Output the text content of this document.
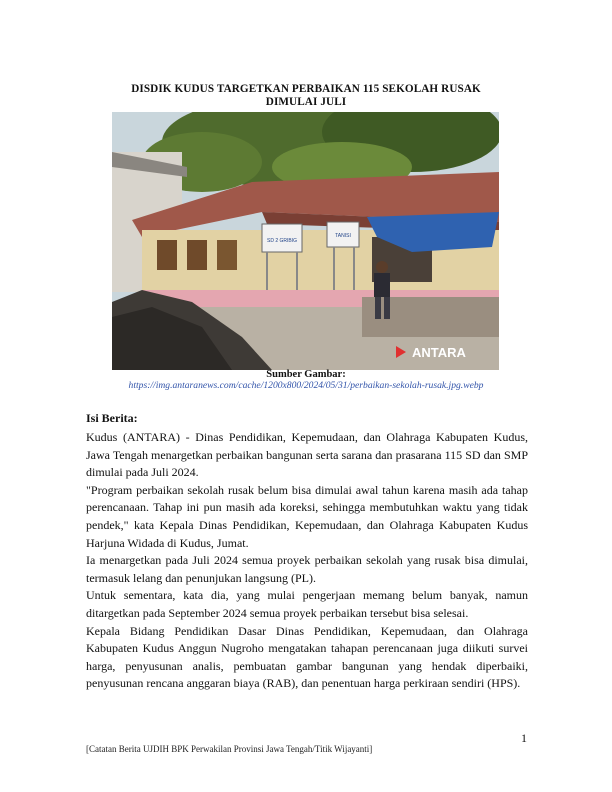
DISDIK KUDUS TARGETKAN PERBAIKAN 115 SEKOLAH RUSAK
DIMULAI JULI
SD 2 GRIBIG
TANISI
ANTARA
Sumber Gambar:
https://img.antaranews.com/cache/1200x800/2024/05/31/perbaikan-sekolah-rusak.jpg.webp
Isi Berita:

Kudus (ANTARA) - Dinas Pendidikan, Kepemudaan, dan Olahraga Kabupaten Kudus, Jawa Tengah menargetkan perbaikan bangunan serta sarana dan prasarana 115 SD dan SMP dimulai pada Juli 2024.

"Program perbaikan sekolah rusak belum bisa dimulai awal tahun karena masih ada tahap perencanaan. Tahap ini pun masih ada koreksi, sehingga membutuhkan waktu yang tidak pendek," kata Kepala Dinas Pendidikan, Kepemudaan, dan Olahraga Kabupaten Kudus Harjuna Widada di Kudus, Jumat.

Ia menargetkan pada Juli 2024 semua proyek perbaikan sekolah yang rusak bisa dimulai, termasuk lelang dan penunjukan langsung (PL).

Untuk sementara, kata dia, yang mulai pengerjaan memang belum banyak, namun ditargetkan pada September 2024 semua proyek perbaikan tersebut bisa selesai.

Kepala Bidang Pendidikan Dasar Dinas Pendidikan, Kepemudaan, dan Olahraga Kabupaten Kudus Anggun Nugroho mengatakan tahapan perencanaan juga diikuti survei harga, penyusunan analis, pembuatan gambar bangunan yang hendak diperbaiki, penyusunan rencana anggaran biaya (RAB), dan penentuan harga perkiraan sendiri (HPS).

1
[Catatan Berita UJDIH BPK Perwakilan Provinsi Jawa Tengah/Titik Wijayanti]
